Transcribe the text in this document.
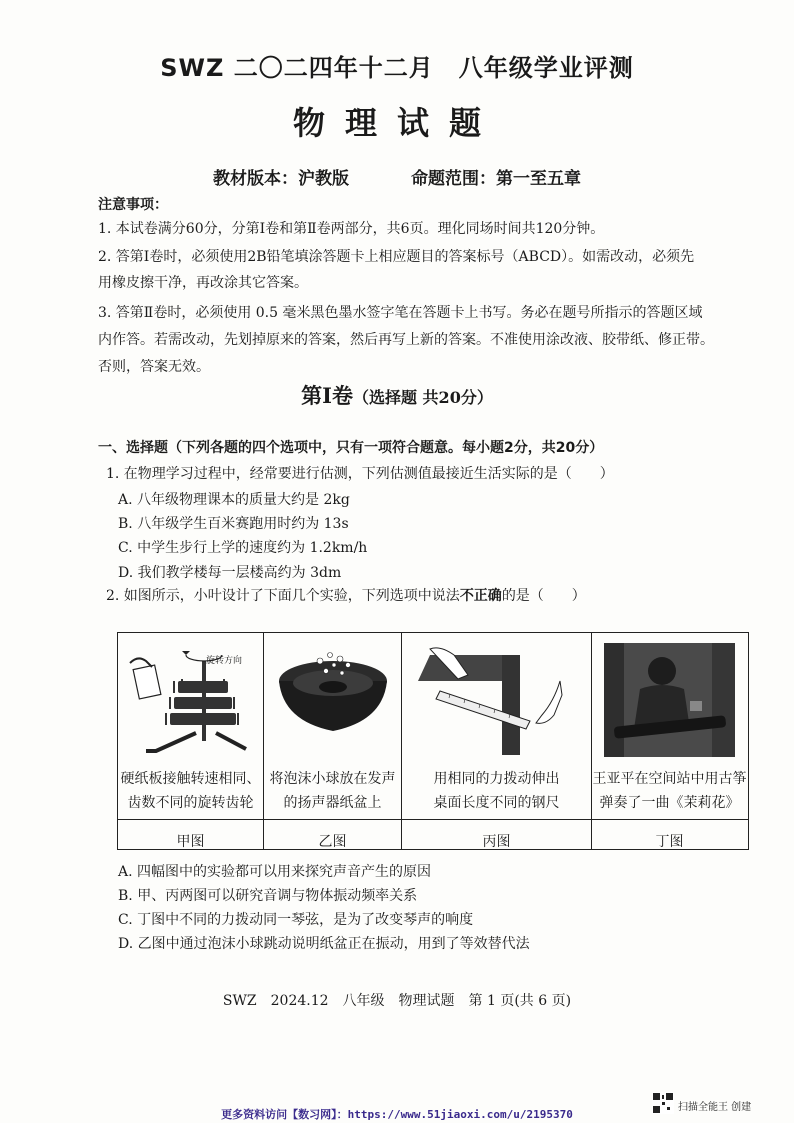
SWZ 二〇二四年十二月　八年级学业评测
物理试题
教材版本：沪教版	命题范围：第一至五章
注意事项：
1. 本试卷满分60分，分第Ⅰ卷和第Ⅱ卷两部分，共6页。理化同场时间共120分钟。
2. 答第Ⅰ卷时，必须使用2B铅笔填涂答题卡上相应题目的答案标号（ABCD）。如需改动，必须先
用橡皮擦干净，再改涂其它答案。
3. 答第Ⅱ卷时，必须使用 0.5 毫米黑色墨水签字笔在答题卡上书写。务必在题号所指示的答题区域
内作答。若需改动，先划掉原来的答案，然后再写上新的答案。不准使用涂改液、胶带纸、修正带。
否则，答案无效。
第Ⅰ卷（选择题 共20分）
一、选择题（下列各题的四个选项中，只有一项符合题意。每小题2分，共20分）
1. 在物理学习过程中，经常要进行估测，下列估测值最接近生活实际的是（　　）
A. 八年级物理课本的质量大约是 2kg
B. 八年级学生百米赛跑用时约为 13s
C. 中学生步行上学的速度约为 1.2km/h
D. 我们教学楼每一层楼高约为 3dm
2. 如图所示，小叶设计了下面几个实验，下列选项中说法不正确的是（　　）
旋转方向
硬纸板接触转速相同、
齿数不同的旋转齿轮
甲图
将泡沫小球放在发声
的扬声器纸盆上
乙图
用相同的力拨动伸出
桌面长度不同的钢尺
丙图
王亚平在空间站中用古筝
弹奏了一曲《茉莉花》
丁图
A. 四幅图中的实验都可以用来探究声音产生的原因
B. 甲、丙两图可以研究音调与物体振动频率关系
C. 丁图中不同的力拨动同一琴弦，是为了改变琴声的响度
D. 乙图中通过泡沫小球跳动说明纸盆正在振动，用到了等效替代法
SWZ　2024.12　八年级　物理试题　第 1 页(共 6 页)
扫描全能王 创建
更多资料访问【数习网】：https://www.51jiaoxi.com/u/2195370
